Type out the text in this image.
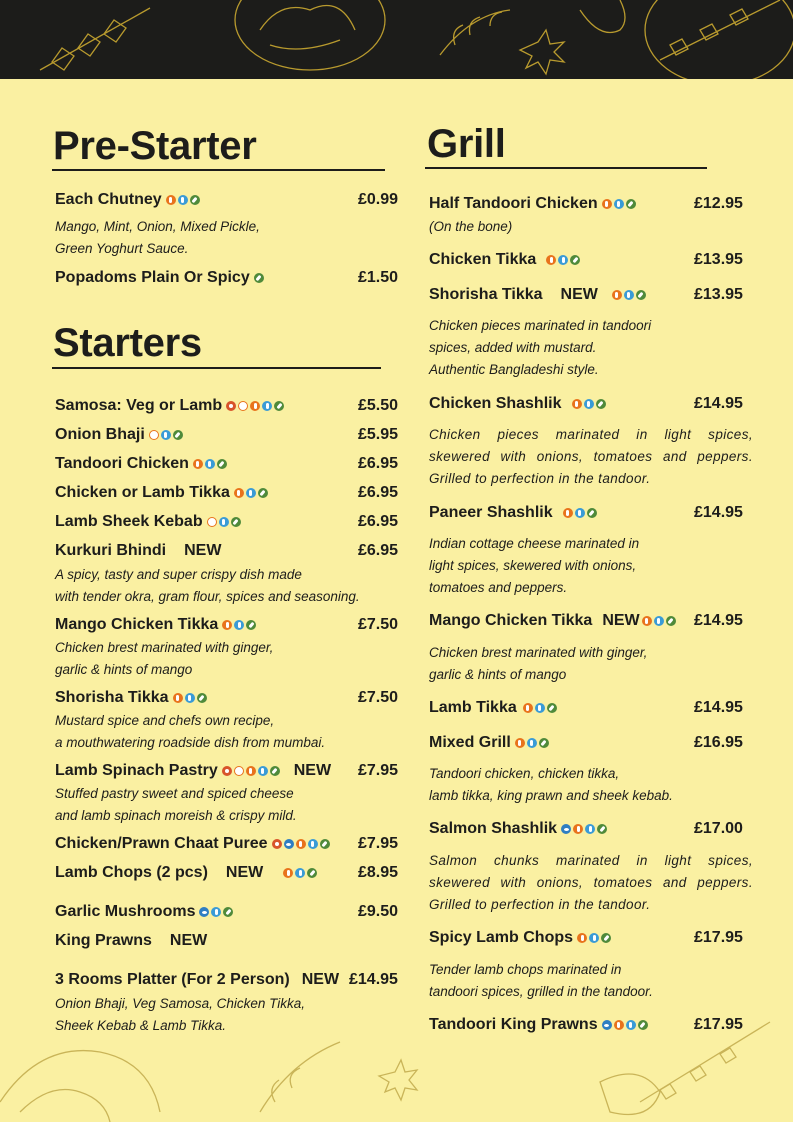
Pre-Starter
Each Chutney	£0.99
Mango, Mint, Onion, Mixed Pickle,
Green Yoghurt Sauce.
Popadoms Plain Or Spicy	£1.50
Starters
Samosa: Veg or Lamb	£5.50
Onion Bhaji	£5.95
Tandoori Chicken	£6.95
Chicken or Lamb Tikka	£6.95
Lamb Sheek Kebab	£6.95
Kurkuri Bhindi NEW	£6.95
A spicy, tasty and super crispy dish made
with tender okra, gram flour, spices and seasoning.
Mango Chicken Tikka	£7.50
Chicken brest marinated with ginger,
garlic & hints of mango
Shorisha Tikka	£7.50
Mustard spice and chefs own recipe,
a mouthwatering roadside dish from mumbai.
Lamb Spinach Pastry	NEW £7.95
Stuffed pastry sweet and spiced cheese
and lamb spinach moreish & crispy mild.
Chicken/Prawn Chaat Puree	£7.95
Lamb Chops (2 pcs) NEW	£8.95
Garlic Mushrooms	£9.50
King Prawns NEW
3 Rooms Platter (For 2 Person) NEW £14.95
Onion Bhaji, Veg Samosa, Chicken Tikka,
Sheek Kebab & Lamb Tikka.
Grill
Half Tandoori Chicken	£12.95
(On the bone)
Chicken Tikka	£13.95
Shorisha Tikka NEW	£13.95
Chicken pieces marinated in tandoori
spices, added with mustard.
Authentic Bangladeshi style.
Chicken Shashlik	£14.95
Chicken pieces marinated in light spices, skewered with onions, tomatoes and peppers. Grilled to perfection in the tandoor.
Paneer Shashlik	£14.95
Indian cottage cheese marinated in
light spices, skewered with onions,
tomatoes and peppers.
Mango Chicken Tikka NEW	£14.95
Chicken brest marinated with ginger,
garlic & hints of mango
Lamb Tikka	£14.95
Mixed Grill	£16.95
Tandoori chicken, chicken tikka,
lamb tikka, king prawn and sheek kebab.
Salmon Shashlik	£17.00
Salmon chunks marinated in light spices, skewered with onions, tomatoes and peppers. Grilled to perfection in the tandoor.
Spicy Lamb Chops	£17.95
Tender lamb chops marinated in
tandoori spices, grilled in the tandoor.
Tandoori King Prawns	£17.95
